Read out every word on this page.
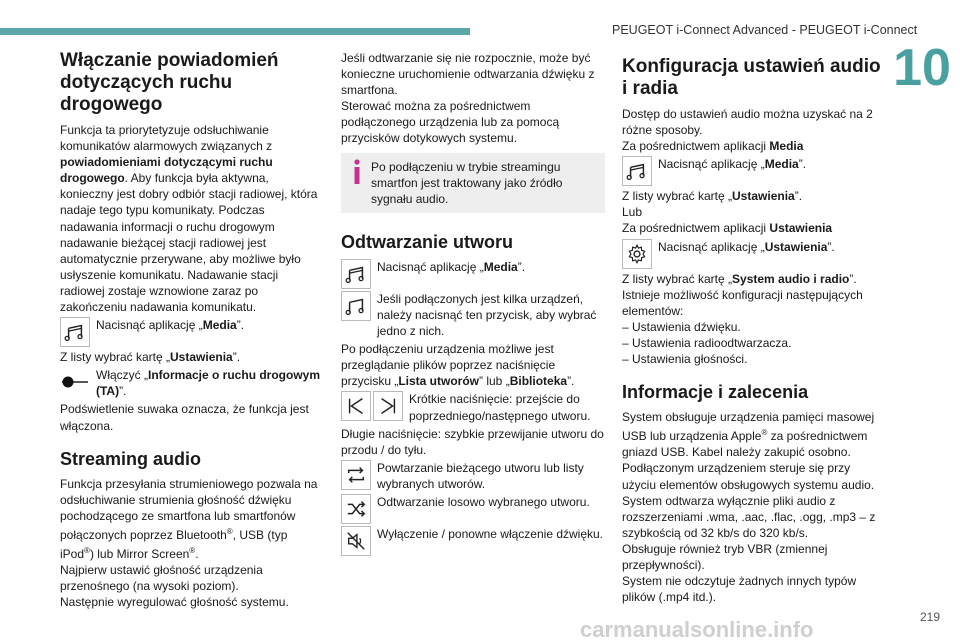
PEUGEOT i-Connect Advanced - PEUGEOT i-Connect
10
Włączanie powiadomień dotyczących ruchu drogowego

Funkcja ta priorytetyzuje odsłuchiwanie komunikatów alarmowych związanych z powiadomieniami dotyczącymi ruchu drogowego. Aby funkcja była aktywna, konieczny jest dobry odbiór stacji radiowej, która nadaje tego typu komunikaty. Podczas nadawania informacji o ruchu drogowym nadawanie bieżącej stacji radiowej jest automatycznie przerywane, aby możliwe było usłyszenie komunikatu. Nadawanie stacji radiowej zostaje wznowione zaraz po zakończeniu nadawania komunikatu.

Nacisnąć aplikację „Media”.

Z listy wybrać kartę „Ustawienia”.

Włączyć „Informacje o ruchu drogowym (TA)”.

Podświetlenie suwaka oznacza, że funkcja jest włączona.

Streaming audio

Funkcja przesyłania strumieniowego pozwala na odsłuchiwanie strumienia głośność dźwięku pochodzącego ze smartfona lub smartfonów połączonych poprzez Bluetooth®, USB (typ iPod®) lub Mirror Screen®.

Najpierw ustawić głośność urządzenia przenośnego (na wysoki poziom).

Następnie wyregulować głośność systemu.

Jeśli odtwarzanie się nie rozpocznie, może być konieczne uruchomienie odtwarzania dźwięku z smartfona.

Sterować można za pośrednictwem podłączonego urządzenia lub za pomocą przycisków dotykowych systemu.

Po podłączeniu w trybie streamingu smartfon jest traktowany jako źródło sygnału audio.
Odtwarzanie utworu
Nacisnąć aplikację „Media”.
Jeśli podłączonych jest kilka urządzeń, należy nacisnąć ten przycisk, aby wybrać jedno z nich.

Po podłączeniu urządzenia możliwe jest przeglądanie plików poprzez naciśnięcie przycisku „Lista utworów” lub „Biblioteka”.

Krótkie naciśnięcie: przejście do poprzedniego/następnego utworu.

Długie naciśnięcie: szybkie przewijanie utworu do przodu / do tyłu.

Powtarzanie bieżącego utworu lub listy wybranych utworów.
Odtwarzanie losowo wybranego utworu.
Wyłączenie / ponowne włączenie dźwięku.
Konfiguracja ustawień audio i radia

Dostęp do ustawień audio można uzyskać na 2 różne sposoby.

Za pośrednictwem aplikacji Media

Nacisnąć aplikację „Media”.

Z listy wybrać kartę „Ustawienia”.

Lub

Za pośrednictwem aplikacji Ustawienia

Nacisnąć aplikację „Ustawienia”.

Z listy wybrać kartę „System audio i radio”.

Istnieje możliwość konfiguracji następujących elementów:

– Ustawienia dźwięku.
– Ustawienia radioodtwarzacza.
– Ustawienia głośności.
Informacje i zalecenia

System obsługuje urządzenia pamięci masowej USB lub urządzenia Apple® za pośrednictwem gniazd USB. Kabel należy zakupić osobno.

Podłączonym urządzeniem steruje się przy użyciu elementów obsługowych systemu audio.

System odtwarza wyłącznie pliki audio z rozszerzeniami .wma, .aac, .flac, .ogg, .mp3 – z szybkością od 32 kb/s do 320 kb/s.

Obsługuje również tryb VBR (zmiennej przepływności).

System nie odczytuje żadnych innych typów plików (.mp4 itd.).

219
carmanualsonline.info
